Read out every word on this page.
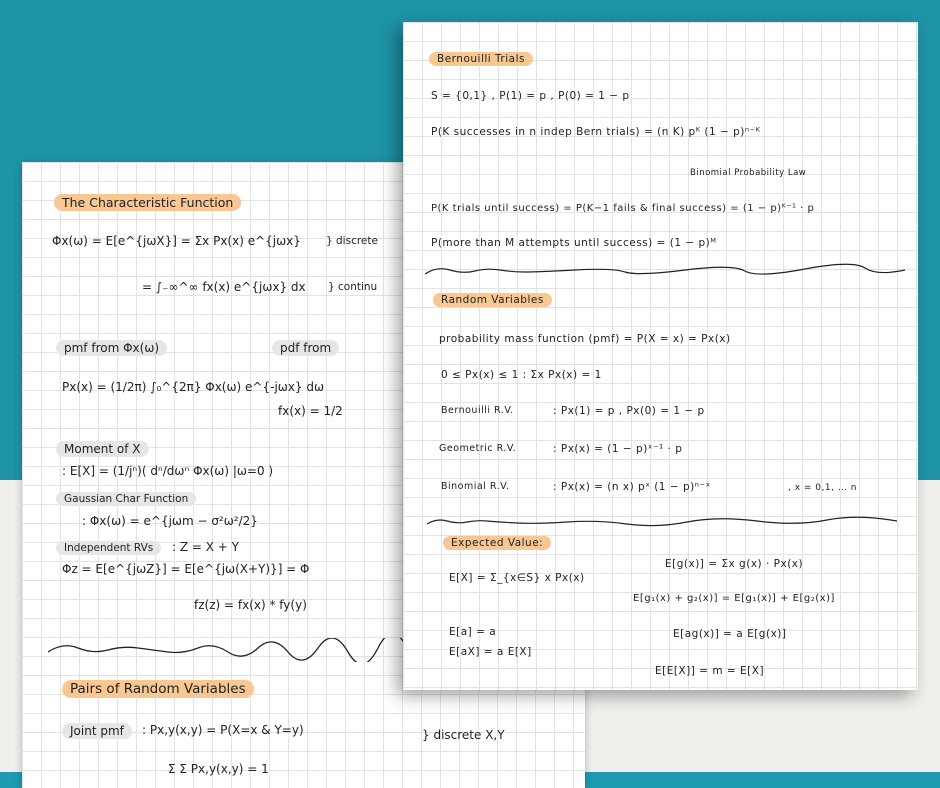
The Characteristic Function
Φx(ω) = E[e^{jωX}] = Σx Px(x) e^{jωx} } discrete
= ∫₋∞^∞ fx(x) e^{jωx} dx } continu
pmf from Φx(ω)	pdf from
Px(x) = (1/2π) ∫₀^{2π} Φx(ω) e^{-jωx} dω
fx(x) = 1/2
Moment of X
: E[X] = (1/jⁿ)( dⁿ/dωⁿ Φx(ω) |ω=0 )
Gaussian Char Function
: Φx(ω) = e^{jωm − σ²ω²/2}
Independent RVs	: Z = X + Y
Φz = E[e^{jωZ}] = E[e^{jω(X+Y)}] = Φ
fz(z) = fx(x) * fy(y)
Pairs of Random Variables
Joint pmf	: Px,y(x,y) = P(X=x & Y=y)	} discrete X,Y
Σ Σ Px,y(x,y) = 1
Bernouilli Trials
S = {0,1} , P(1) = p , P(0) = 1 − p
P(K successes in n indep Bern trials) = (n K) pᴷ (1 − p)ⁿ⁻ᴷ
Binomial Probability Law
P(K trials until success) = P(K−1 fails & final success) = (1 − p)ᴷ⁻¹ · p
P(more than M attempts until success) = (1 − p)ᴹ
Random Variables
probability mass function (pmf) = P(X = x) = Px(x)
0 ≤ Px(x) ≤ 1 : Σx Px(x) = 1
Bernouilli R.V.	: Px(1) = p , Px(0) = 1 − p
Geometric R.V.	: Px(x) = (1 − p)ˣ⁻¹ · p
Binomial R.V.	: Px(x) = (n x) pˣ (1 − p)ⁿ⁻ˣ	, x = 0,1, … n
Expected Value:
E[X] = Σ_{x∈S} x Px(x)
E[a] = a
E[aX] = a E[X]
E[g(x)] = Σx g(x) · Px(x)
E[g₁(x) + g₂(x)] = E[g₁(x)] + E[g₂(x)]
E[ag(x)] = a E[g(x)]
E[E[X]] = m = E[X]
